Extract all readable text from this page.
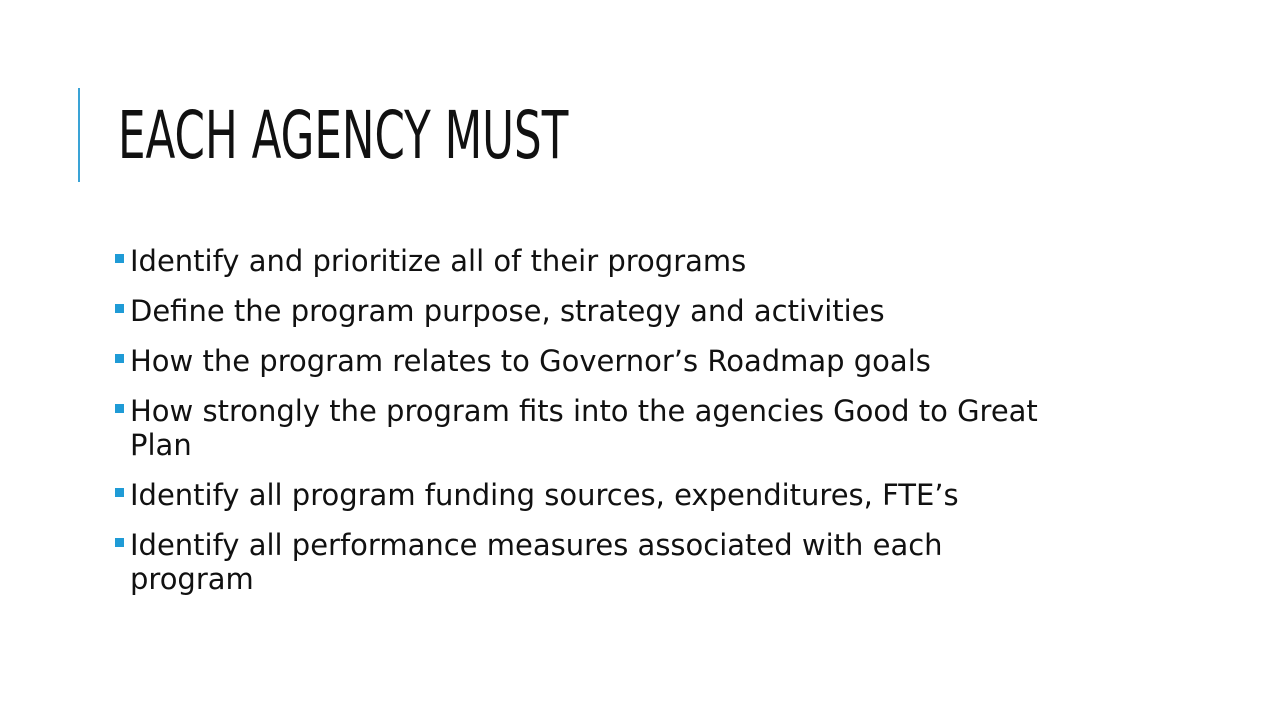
EACH AGENCY MUST
Identify and prioritize all of their programs
Define the program purpose, strategy and activities
How the program relates to Governor’s Roadmap goals
How strongly the program fits into the agencies Good to Great Plan
Identify all program funding sources, expenditures, FTE’s
Identify all performance measures associated with each program
